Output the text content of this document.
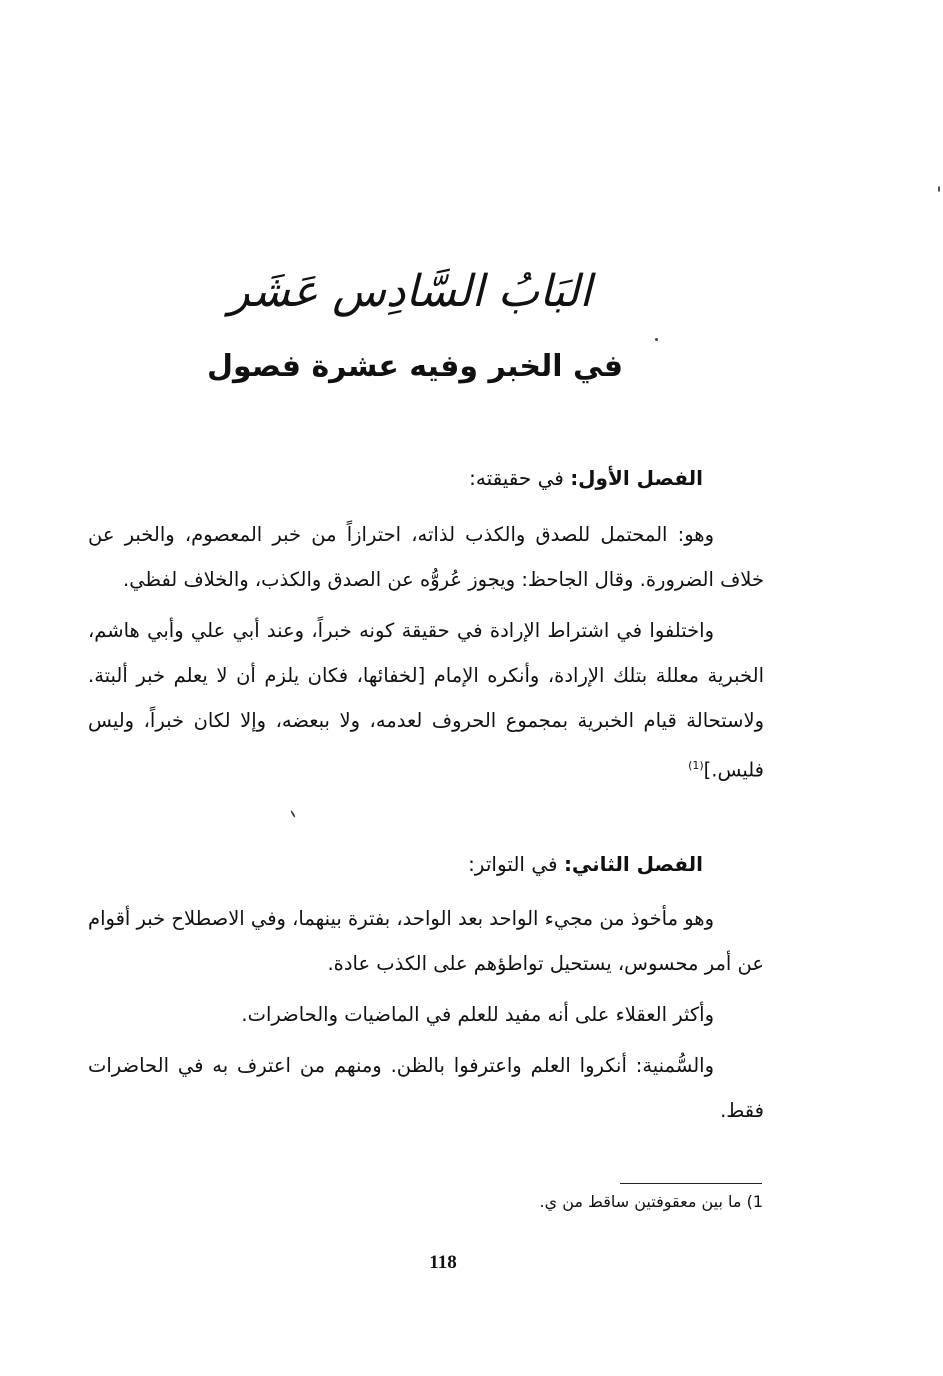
البَابُ السَّادِس عَشَر
في الخبر وفيه عشرة فصول
الفصل الأول: في حقيقته:

وهو: المحتمل للصدق والكذب لذاته، احترازاً من خبر المعصوم، والخبر عن خلاف الضرورة. وقال الجاحظ: ويجوز عُروُّه عن الصدق والكذب، والخلاف لفظي.

واختلفوا في اشتراط الإرادة في حقيقة كونه خبراً، وعند أبي علي وأبي هاشم، الخبرية معللة بتلك الإرادة، وأنكره الإمام [لخفائها، فكان يلزم أن لا يعلم خبر ألبتة. ولاستحالة قيام الخبرية بمجموع الحروف لعدمه، ولا ببعضه، وإلا لكان خبراً، وليس فليس.]$^{(1)}$

الفصل الثاني: في التواتر:

وهو مأخوذ من مجيء الواحد بعد الواحد، بفترة بينهما، وفي الاصطلاح خبر أقوام عن أمر محسوس، يستحيل تواطؤهم على الكذب عادة.

وأكثر العقلاء على أنه مفيد للعلم في الماضيات والحاضرات.

والسُّمنية: أنكروا العلم واعترفوا بالظن. ومنهم من اعترف به في الحاضرات فقط.

1) ما بين معقوفتين ساقط من ي.
118
